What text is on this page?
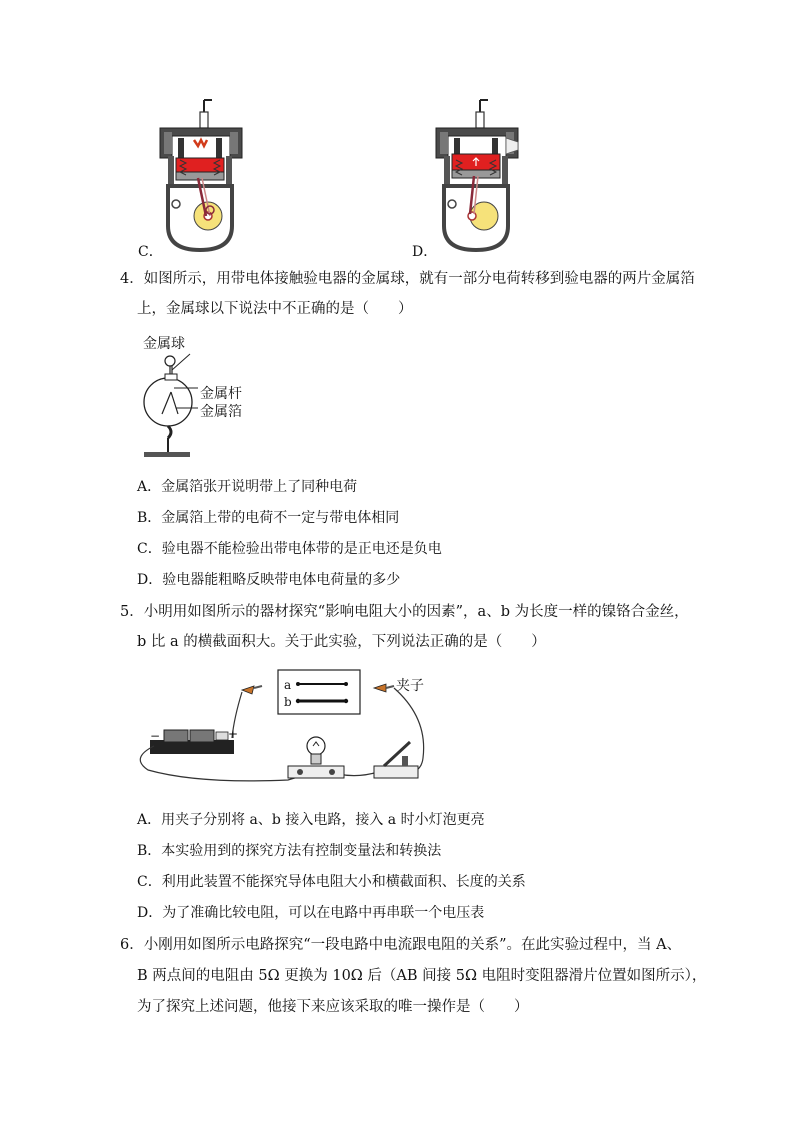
C．	D．
4．如图所示，用带电体接触验电器的金属球，就有一部分电荷转移到验电器的两片金属箔
上，金属球以下说法中不正确的是（　　）
金属球
金属杆
金属箔
A．金属箔张开说明带上了同种电荷
B．金属箔上带的电荷不一定与带电体相同
C．验电器不能检验出带电体带的是正电还是负电
D．验电器能粗略反映带电体电荷量的多少
5．小明用如图所示的器材探究“影响电阻大小的因素”，a、b 为长度一样的镍铬合金丝，
b 比 a 的横截面积大。关于此实验，下列说法正确的是（　　）
a
b
夹子
−	+
A．用夹子分别将 a、b 接入电路，接入 a 时小灯泡更亮
B．本实验用到的探究方法有控制变量法和转换法
C．利用此装置不能探究导体电阻大小和横截面积、长度的关系
D．为了准确比较电阻，可以在电路中再串联一个电压表
6．小刚用如图所示电路探究“一段电路中电流跟电阻的关系”。在此实验过程中，当 A、
B 两点间的电阻由 5Ω 更换为 10Ω 后（AB 间接 5Ω 电阻时变阻器滑片位置如图所示），
为了探究上述问题，他接下来应该采取的唯一操作是（　　）
